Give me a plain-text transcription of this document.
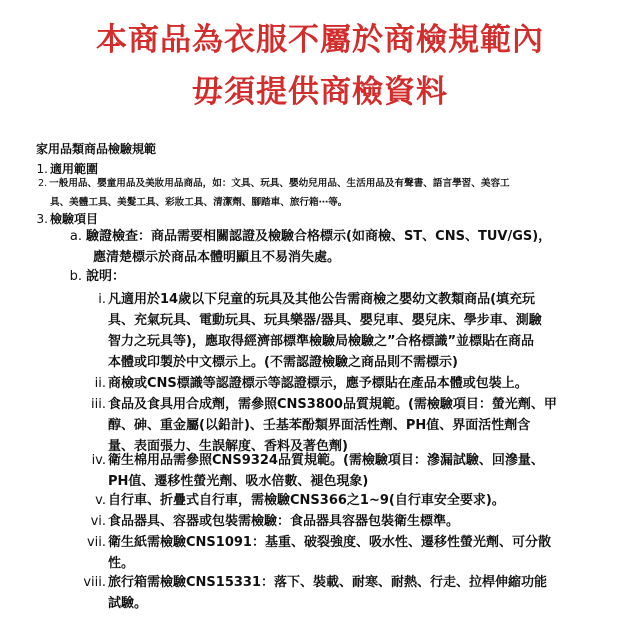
本商品為衣服不屬於商檢規範內
毋須提供商檢資料
家用品類商品檢驗規範
1. 適用範圍
2. 一般用品、嬰童用品及美妝用品商品，如：文具、玩具、嬰幼兒用品、生活用品及有聲書、語言學習、美容工
具、美體工具、美髮工具、彩妝工具、清潔劑、腳踏車、旅行箱⋯等。
3. 檢驗項目
a. 驗證檢查：商品需要相關認證及檢驗合格標示(如商檢、ST、CNS、TUV/GS)，
應清楚標示於商品本體明顯且不易消失處。
b. 說明：
i. 凡適用於14歲以下兒童的玩具及其他公告需商檢之嬰幼文教類商品(填充玩
具、充氣玩具、電動玩具、玩具樂器/器具、嬰兒車、嬰兒床、學步車、測驗
智力之玩具等)，應取得經濟部標準檢驗局檢驗之”合格標識”並標貼在商品
本體或印製於中文標示上。(不需認證檢驗之商品則不需標示)
ii. 商檢或CNS標識等認證標示等認證標示，應予標貼在產品本體或包裝上。
iii. 食品及食具用合成劑，需參照CNS3800品質規範。(需檢驗項目：螢光劑、甲
醇、砷、重金屬(以鉛計)、壬基苯酚類界面活性劑、PH值、界面活性劑含
量、表面張力、生誤解度、香料及著色劑)
iv. 衛生棉用品需參照CNS9324品質規範。(需檢驗項目：滲漏試驗、回滲量、
PH值、遷移性螢光劑、吸水倍數、褪色現象)
v. 自行車、折疊式自行車，需檢驗CNS366之1~9(自行車安全要求)。
vi. 食品器具、容器或包裝需檢驗：食品器具容器包裝衛生標準。
vii. 衛生紙需檢驗CNS1091：基重、破裂強度、吸水性、遷移性螢光劑、可分散
性。
viii. 旅行箱需檢驗CNS15331：落下、裝載、耐寒、耐熱、行走、拉桿伸縮功能
試驗。
